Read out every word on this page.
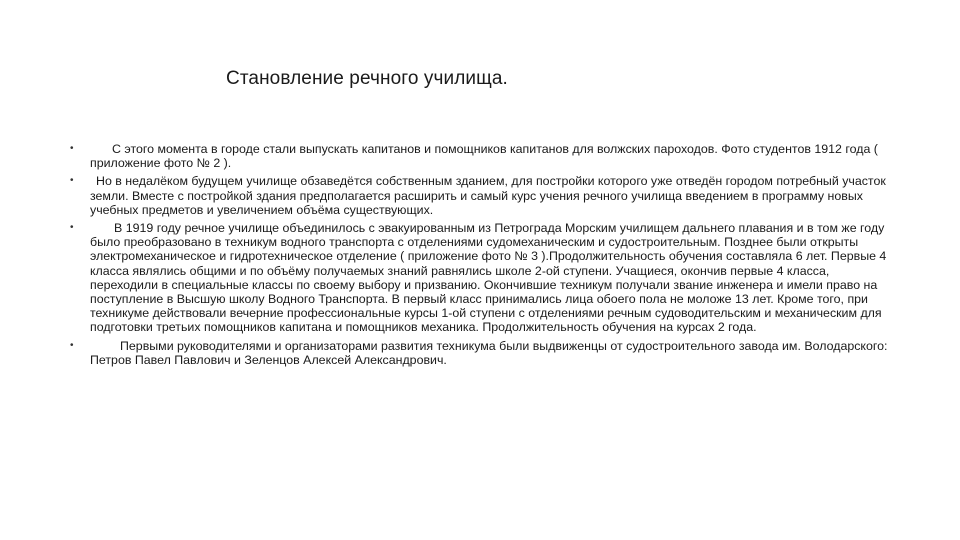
Становление речного училища.
•	С этого момента в городе стали выпускать капитанов и помощников капитанов для волжских пароходов. Фото студентов 1912 года ( приложение фото № 2 ).
•	Но в недалёком будущем училище обзаведётся собственным зданием, для постройки которого уже отведён городом потребный участок земли. Вместе с постройкой здания предполагается расширить и самый курс учения речного училища введением в программу новых учебных предметов и увеличением объёма существующих.
•	В 1919 году речное училище объединилось с эвакуированным из Петрограда Морским училищем дальнего плавания и в том же году было преобразовано в техникум водного транспорта с отделениями судомеханическим и судостроительным. Позднее были открыты электромеханическое и гидротехническое отделение ( приложение фото № 3 ).Продолжительность обучения составляла 6 лет. Первые 4 класса являлись общими и по объёму получаемых знаний равнялись школе 2-ой ступени. Учащиеся, окончив первые 4 класса, переходили в специальные классы по своему выбору и призванию. Окончившие техникум получали звание инженера и имели право на поступление в Высшую школу Водного Транспорта. В первый класс принимались лица обоего пола не моложе 13 лет. Кроме того, при техникуме действовали вечерние профессиональные курсы 1-ой ступени с отделениями речным судоводительским и механическим для подготовки третьих помощников капитана и помощников механика. Продолжительность обучения на курсах 2 года.
•	Первыми руководителями и организаторами развития техникума были выдвиженцы от судостроительного завода им. Володарского: Петров Павел Павлович и Зеленцов Алексей Александрович.
